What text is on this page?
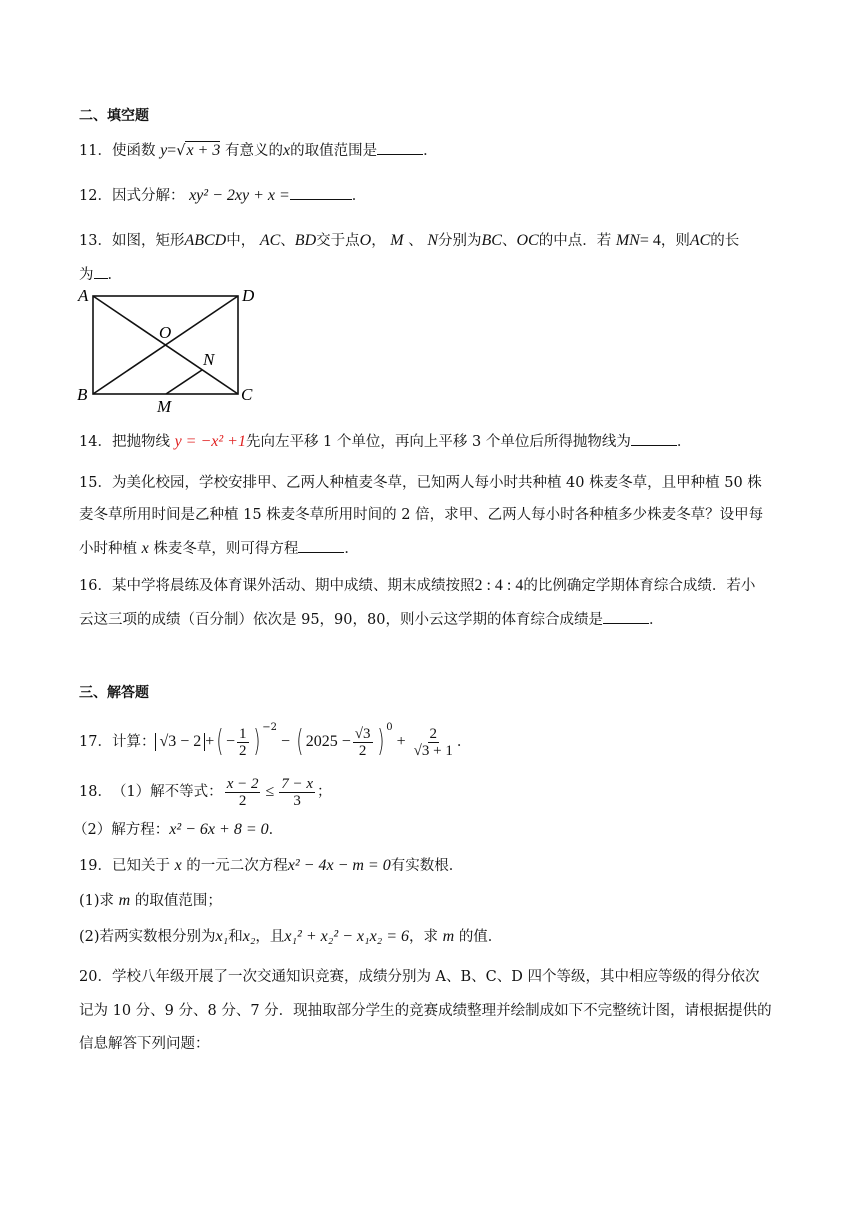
二、填空题
11．使函数 y=√x + 3 有意义的x的取值范围是	．
12．因式分解： xy² − 2xy + x =	．
13．如图，矩形ABCD中， AC、BD交于点O， M 、 N分别为BC、OC的中点．若 MN= 4，则AC的长
为 ．
A	D
B	C
O
N
M
14．把抛物线 y = −x² +1先向左平移 1 个单位，再向上平移 3 个单位后所得抛物线为	．
15．为美化校园，学校安排甲、乙两人种植麦冬草，已知两人每小时共种植 40 株麦冬草，且甲种植 50 株
麦冬草所用时间是乙种植 15 株麦冬草所用时间的 2 倍，求甲、乙两人每小时各种植多少株麦冬草？设甲每
小时种植 x 株麦冬草，则可得方程	．
16．某中学将晨练及体育课外活动、期中成绩、期末成绩按照2 : 4 : 4的比例确定学期体育综合成绩．若小
云这三项的成绩（百分制）依次是 95，90，80，则小云这学期的体育综合成绩是	．
三、解答题
17． 计算： √3 − 2 + ( − $\frac{1}{2}$ ) −2
− ( $2025 - \frac{√3}{2}$ ) 0
+ $\frac{2}{√3 + 1}$ ．
18． （1）解不等式： $\frac{x - 2}{2} \le \frac{7 - x}{3}$ ；
（2）解方程：x² − 6x + 8 = 0．
19．已知关于 x 的一元二次方程x² − 4x − m = 0有实数根．
(1)求 m 的取值范围；
(2)若两实数根分别为x₁和x₂，且x₁² + x₂² − x₁x₂ = 6，求 m 的值．
20．学校八年级开展了一次交通知识竞赛，成绩分别为 A、B、C、D 四个等级，其中相应等级的得分依次
记为 10 分、9 分、8 分、7 分．现抽取部分学生的竞赛成绩整理并绘制成如下不完整统计图，请根据提供的
信息解答下列问题：
